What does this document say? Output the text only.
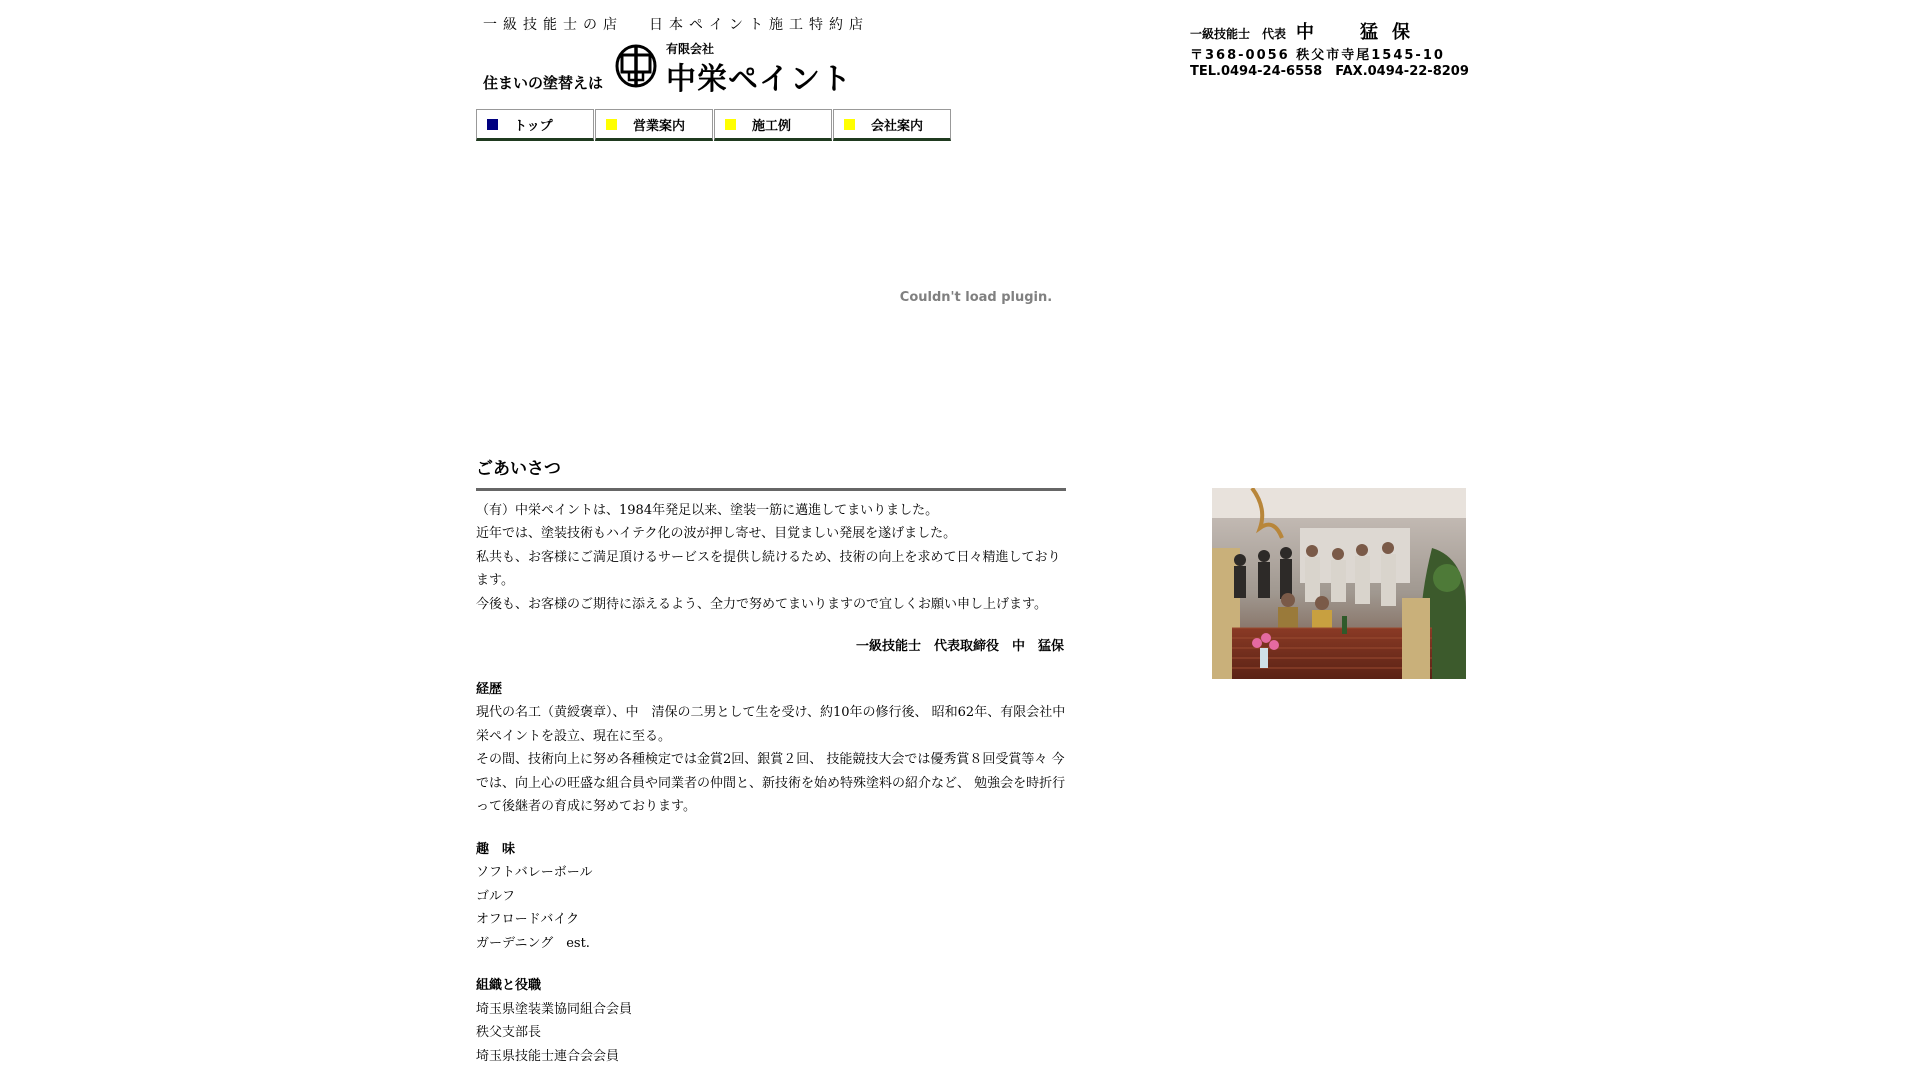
一級技能士の店 日本ペイント施工特約店
住まいの塗替えは
有限会社
中栄ペイント
一級技能士　代表 中　猛保
〒368-0056 秩父市寺尾1545-10
TEL.0494-24-6558　FAX.0494-22-8209
トップ	営業案内	施工例	会社案内
Couldn't load plugin.
ごあいさつ

（有）中栄ペイントは、1984年発足以来、塗装一筋に邁進してまいりました。

近年では、塗装技術もハイテク化の波が押し寄せ、目覚ましい発展を遂げました。

私共も、お客様にご満足頂けるサービスを提供し続けるため、技術の向上を求めて日々精進しております。

今後も、お客様のご期待に添えるよう、全力で努めてまいりますので宜しくお願い申し上げます。

一級技能士　代表取締役　中　猛保
経歴

現代の名工（黄綬褒章）、中　清保の二男として生を受け、約10年の修行後、 昭和62年、有限会社中栄ペイントを設立、現在に至る。

その間、技術向上に努め各種検定では金賞2回、銀賞２回、 技能競技大会では優秀賞８回受賞等々 今では、向上心の旺盛な組合員や同業者の仲間と、新技術を始め特殊塗料の紹介など、 勉強会を時折行って後継者の育成に努めております。

趣　味

ソフトバレーボール

ゴルフ

オフロードバイク

ガーデニング　est.

組織と役職

埼玉県塗装業協同組合会員

秩父支部長

埼玉県技能士連合会会員
